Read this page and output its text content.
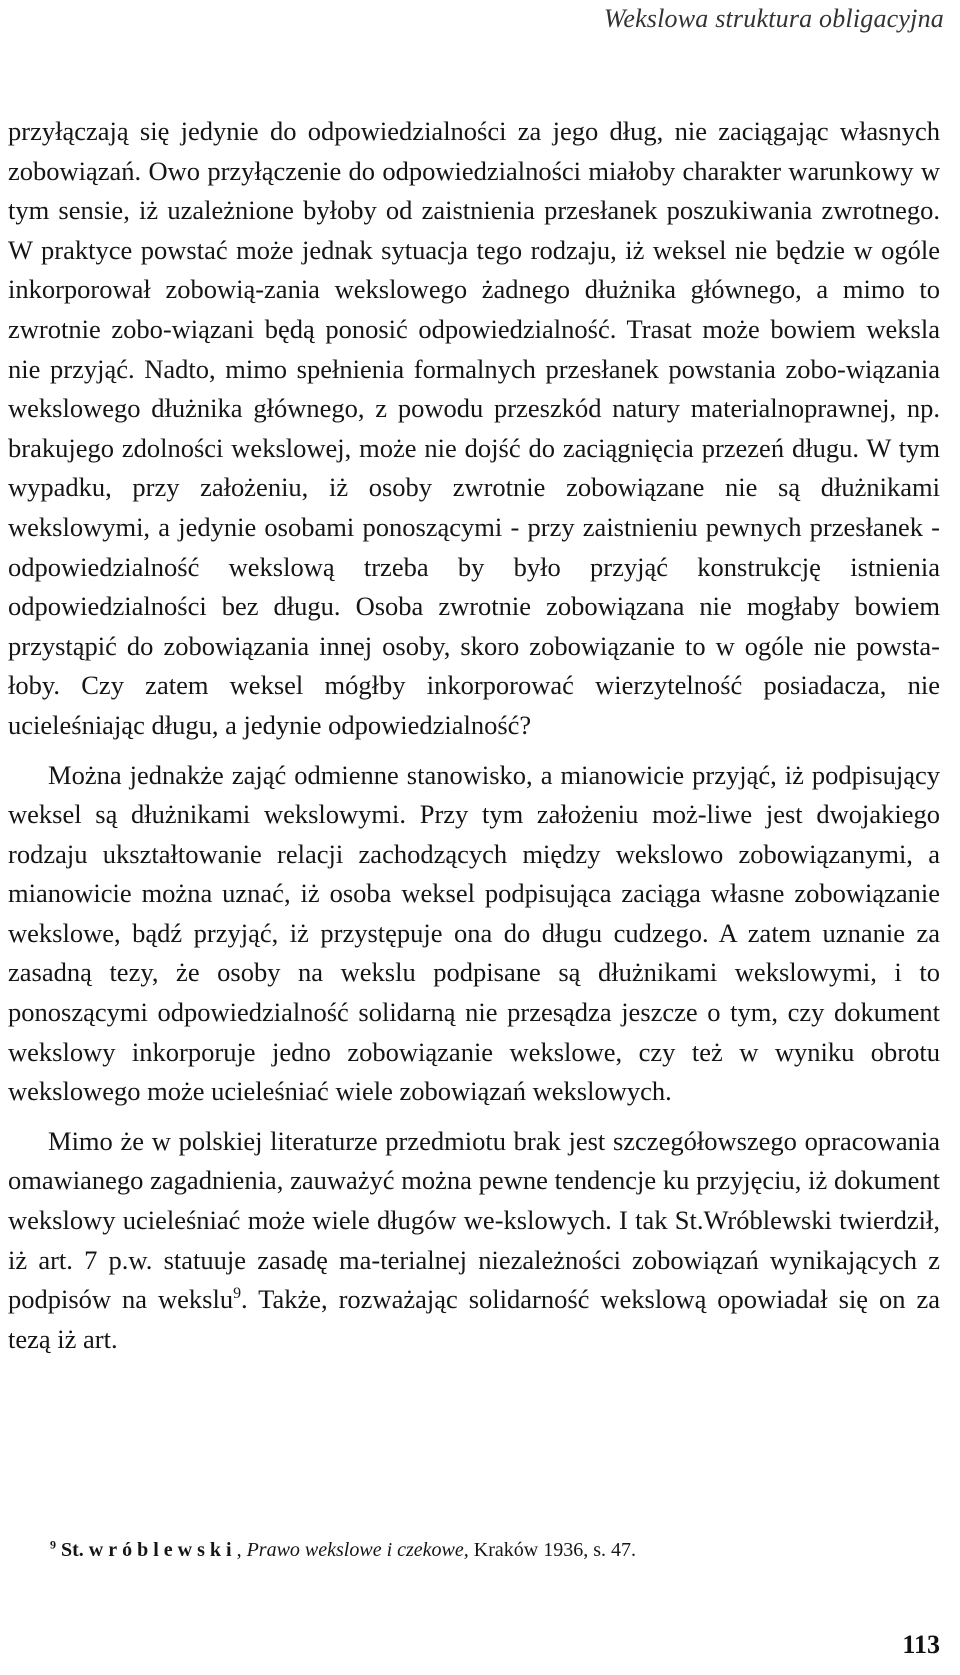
Wekslowa struktura obligacyjna

przyłączają się jedynie do odpowiedzialności za jego dług, nie zaciągając własnych zobowiązań. Owo przyłączenie do odpowiedzialności miałoby charakter warunkowy w tym sensie, iż uzależnione byłoby od zaistnienia przesłanek poszukiwania zwrotnego. W praktyce powstać może jednak sytuacja tego rodzaju, iż weksel nie będzie w ogóle inkorporował zobowią-zania wekslowego żadnego dłużnika głównego, a mimo to zwrotnie zobo-wiązani będą ponosić odpowiedzialność. Trasat może bowiem weksla nie przyjąć. Nadto, mimo spełnienia formalnych przesłanek powstania zobo-wiązania wekslowego dłużnika głównego, z powodu przeszkód natury materialnoprawnej, np. brakujego zdolności wekslowej, może nie dojść do zaciągnięcia przezeń długu. W tym wypadku, przy założeniu, iż osoby zwrotnie zobowiązane nie są dłużnikami wekslowymi, a jedynie osobami ponoszącymi - przy zaistnieniu pewnych przesłanek - odpowiedzialność wekslową trzeba by było przyjąć konstrukcję istnienia odpowiedzialności bez długu. Osoba zwrotnie zobowiązana nie mogłaby bowiem przystąpić do zobowiązania innej osoby, skoro zobowiązanie to w ogóle nie powsta-łoby. Czy zatem weksel mógłby inkorporować wierzytelność posiadacza, nie ucieleśniając długu, a jedynie odpowiedzialność?

Można jednakże zająć odmienne stanowisko, a mianowicie przyjąć, iż podpisujący weksel są dłużnikami wekslowymi. Przy tym założeniu moż-liwe jest dwojakiego rodzaju ukształtowanie relacji zachodzących między wekslowo zobowiązanymi, a mianowicie można uznać, iż osoba weksel podpisująca zaciąga własne zobowiązanie wekslowe, bądź przyjąć, iż przystępuje ona do długu cudzego. A zatem uznanie za zasadną tezy, że osoby na wekslu podpisane są dłużnikami wekslowymi, i to ponoszącymi odpowiedzialność solidarną nie przesądza jeszcze o tym, czy dokument wekslowy inkorporuje jedno zobowiązanie wekslowe, czy też w wyniku obrotu wekslowego może ucieleśniać wiele zobowiązań wekslowych.

Mimo że w polskiej literaturze przedmiotu brak jest szczegółowszego opracowania omawianego zagadnienia, zauważyć można pewne tendencje ku przyjęciu, iż dokument wekslowy ucieleśniać może wiele długów we-kslowych. I tak St.Wróblewski twierdził, iż art. 7 p.w. statuuje zasadę ma-terialnej niezależności zobowiązań wynikających z podpisów na wekslu$^9$. Także, rozważając solidarność wekslową opowiadał się on za tezą iż art.

$^9$ St. wróblewski, Prawo wekslowe i czekowe, Kraków 1936, s. 47.
113
